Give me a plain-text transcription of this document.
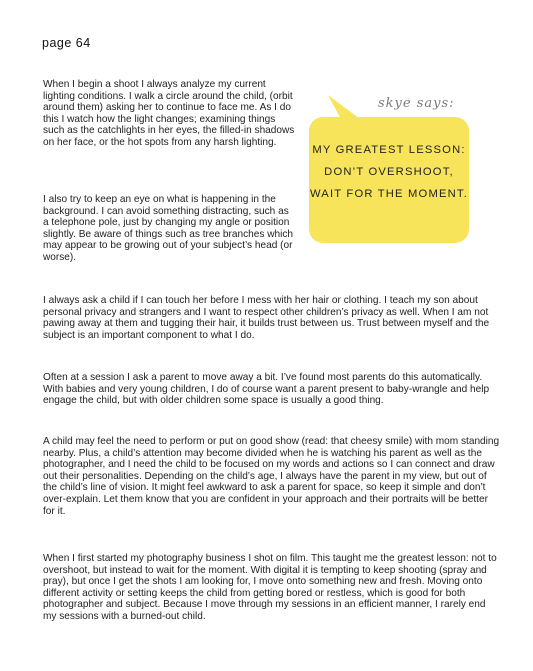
page 64
skye says:
MY GREATEST LESSON: DON’T OVERSHOOT, WAIT FOR THE MOMENT.

When I begin a shoot I always analyze my current lighting conditions. I walk a circle around the child, (orbit around them) asking her to continue to face me. As I do this I watch how the light changes; examining things such as the catchlights in her eyes, the filled-in shadows on her face, or the hot spots from any harsh lighting.

I also try to keep an eye on what is happening in the background. I can avoid something distracting, such as a telephone pole, just by changing my angle or position slightly. Be aware of things such as tree branches which may appear to be growing out of your subject’s head (or worse).

I always ask a child if I can touch her before I mess with her hair or clothing. I teach my son about personal privacy and strangers and I want to respect other children’s privacy as well. When I am not pawing away at them and tugging their hair, it builds trust between us. Trust between myself and the subject is an important component to what I do.

Often at a session I ask a parent to move away a bit. I’ve found most parents do this automatically. With babies and very young children, I do of course want a parent present to baby-wrangle and help engage the child, but with older children some space is usually a good thing.

A child may feel the need to perform or put on good show (read: that cheesy smile) with mom standing nearby. Plus, a child’s attention may become divided when he is watching his parent as well as the photographer, and I need the child to be focused on my words and actions so I can connect and draw out their personalities. Depending on the child’s age, I always have the parent in my view, but out of the child’s line of vision. It might feel awkward to ask a parent for space, so keep it simple and don’t over-explain. Let them know that you are confident in your approach and their portraits will be better for it.

When I first started my photography business I shot on film. This taught me the greatest lesson: not to overshoot, but instead to wait for the moment. With digital it is tempting to keep shooting (spray and pray), but once I get the shots I am looking for, I move onto something new and fresh. Moving onto different activity or setting keeps the child from getting bored or restless, which is good for both photographer and subject. Because I move through my sessions in an efficient manner, I rarely end my sessions with a burned-out child.
